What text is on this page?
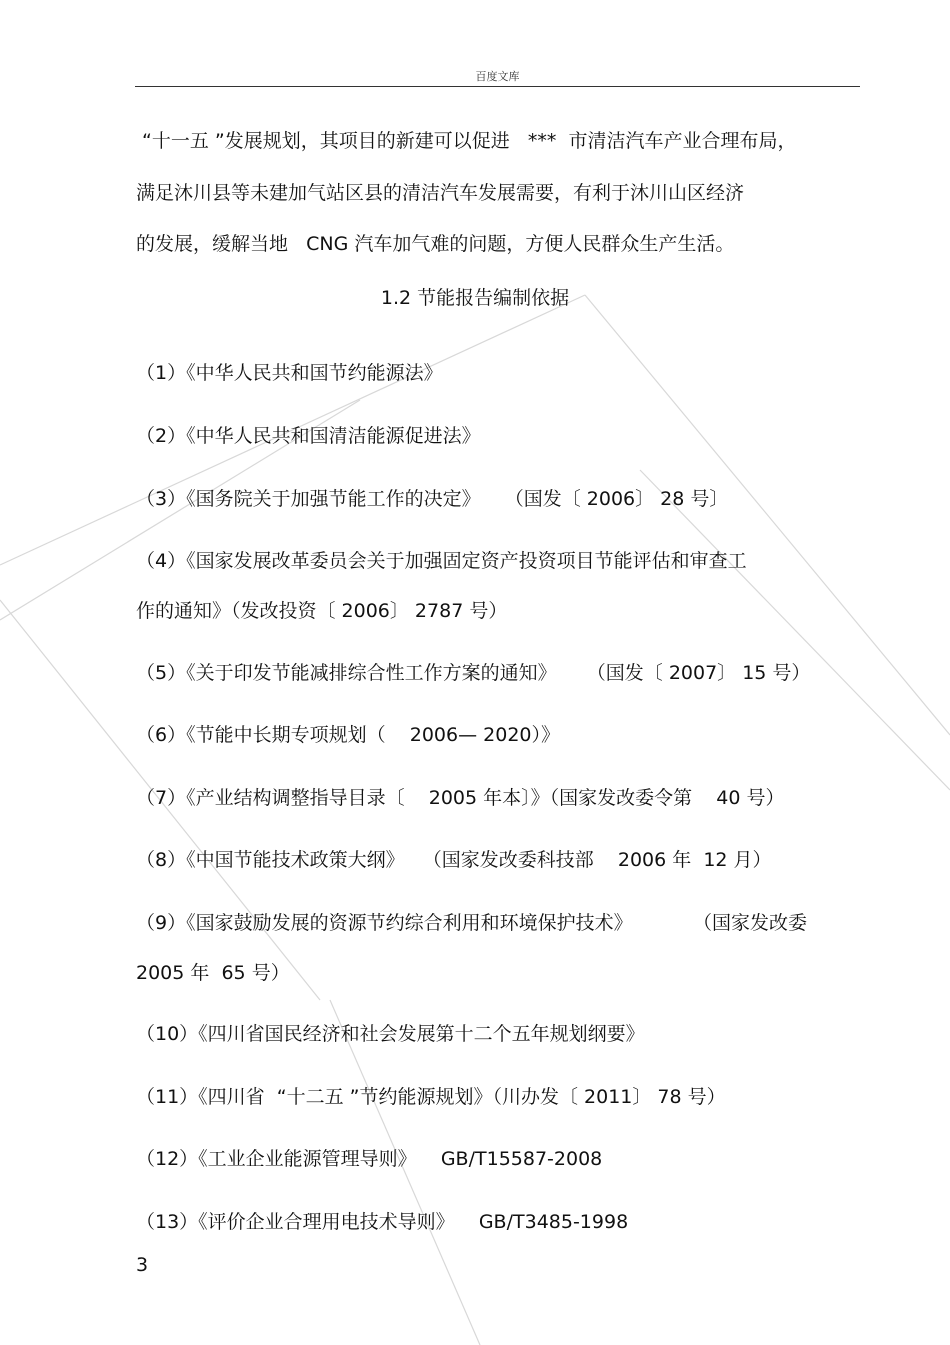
百度文库
“十一五 ”发展规划，其项目的新建可以促进   ***  市清洁汽车产业合理布局，
满足沐川县等未建加气站区县的清洁汽车发展需要，有利于沐川山区经济
的发展，缓解当地   CNG 汽车加气难的问题，方便人民群众生产生活。
1.2 节能报告编制依据
（1）《中华人民共和国节约能源法》
（2）《中华人民共和国清洁能源促进法》
（3）《国务院关于加强节能工作的决定》    （国发〔 2006〕 28 号〕
（4）《国家发展改革委员会关于加强固定资产投资项目节能评估和审查工
作的通知》（发改投资〔 2006〕 2787 号）
（5）《关于印发节能减排综合性工作方案的通知》     （国发〔 2007〕 15 号）
（6）《节能中长期专项规划（    2006— 2020）》
（7）《产业结构调整指导目录〔    2005 年本〕》（国家发改委令第    40 号）
（8）《中国节能技术政策大纲》   （国家发改委科技部    2006 年  12 月）
（9）《国家鼓励发展的资源节约综合利用和环境保护技术》          （国家发改委
2005 年  65 号）
（10）《四川省国民经济和社会发展第十二个五年规划纲要》
（11）《四川省  “十二五 ”节约能源规划》（川办发〔 2011〕 78 号）
（12）《工业企业能源管理导则》    GB/T15587-2008
（13）《评价企业合理用电技术导则》    GB/T3485-1998
3
